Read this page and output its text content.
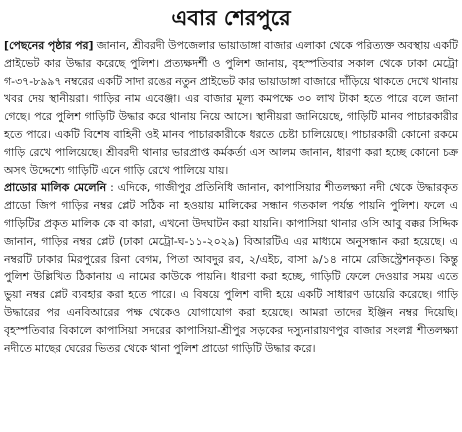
এবার শেরপুরে

[পেছনের পৃষ্ঠার পর] জানান, শ্রীবরদী উপজেলার ভায়াডাঙ্গা বাজার এলাকা থেকে পরিত্যক্ত অবস্থায় একটি প্রাইভেট কার উদ্ধার করেছে পুলিশ। প্রত্যক্ষদর্শী ও পুলিশ জানায়, বৃহস্পতিবার সকাল থেকে ঢাকা মেট্রো গ-৩৭-৮৯৯৭ নম্বরের একটি সাদা রঙের নতুন প্রাইভেট কার ভায়াডাঙ্গা বাজারে দাঁড়িয়ে থাকতে দেখে থানায় খবর দেয় স্থানীয়রা। গাড়ির নাম এবেঞ্জা। এর বাজার মূল্য কমপক্ষে ৩০ লাখ টাকা হতে পারে বলে জানা গেছে। পরে পুলিশ গাড়িটি উদ্ধার করে থানায় নিয়ে আসে। স্থানীয়রা জানিয়েছে, গাড়িটি মানব পাচারকারীর হতে পারে। একটি বিশেষ বাহিনী ওই মানব পাচারকারীকে ধরতে চেষ্টা চালিয়েছে। পাচারকারী কোনো রকমে গাড়ি রেখে পালিয়েছে। শ্রীবরদী থানার ভারপ্রাপ্ত কর্মকর্তা এস আলম জানান, ধারণা করা হচ্ছে কোনো চক্র অসৎ উদ্দেশ্যে গাড়িটি এনে গাড়ি রেখে পালিয়ে যায়।

প্রাডোর মালিক মেলেনি : এদিকে, গাজীপুর প্রতিনিধি জানান, কাপাসিয়ার শীতলক্ষ্যা নদী থেকে উদ্ধারকৃত প্রাডো জিপ গাড়ির নম্বর প্লেট সঠিক না হওয়ায় মালিকের সন্ধান গতকাল পর্যন্ত পায়নি পুলিশ। ফলে এ গাড়িটির প্রকৃত মালিক কে বা কারা, এখনো উদঘাটন করা যায়নি। কাপাসিয়া থানার ওসি আবু বক্কর সিদ্দিক জানান, গাড়ির নম্বর প্লেট (ঢাকা মেট্রো-ঘ-১১-২০২৯) বিআরটিএ এর মাধ্যমে অনুসন্ধান করা হয়েছে। এ নম্বরটি ঢাকার মিরপুরের রিনা বেগম, পিতা আবদুর রব, ২/এইচ, বাসা ৯/১৪ নামে রেজিস্ট্রেশনকৃত। কিন্তু পুলিশ উল্লিখিত ঠিকানায় এ নামের কাউকে পায়নি। ধারণা করা হচ্ছে, গাড়িটি ফেলে দেওয়ার সময় এতে ভুয়া নম্বর প্লেট ব্যবহার করা হতে পারে। এ বিষয়ে পুলিশ বাদী হয়ে একটি সাধারণ ডায়েরি করেছে। গাড়ি উদ্ধারের পর এনবিআরের পক্ষ থেকেও যোগাযোগ করা হয়েছে। আমরা তাদের ইঞ্জিন নম্বর দিয়েছি। বৃহস্পতিবার বিকালে কাপাসিয়া সদরের কাপাসিয়া-শ্রীপুর সড়কের দস্যুনারায়ণপুর বাজার সংলগ্ন শীতলক্ষ্যা নদীতে মাছের ঘেরের ভিতর থেকে থানা পুলিশ প্রাডো গাড়িটি উদ্ধার করে।
